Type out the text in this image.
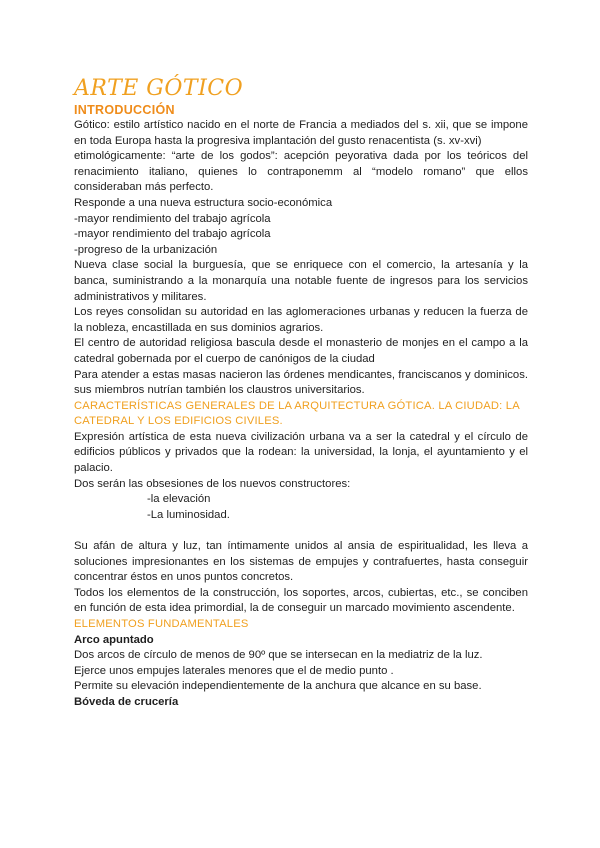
ARTE GÓTICO
INTRODUCCIÓN

Gótico: estilo artístico nacido en el norte de Francia a mediados del s. xii, que se impone en toda Europa hasta la progresiva implantación del gusto renacentista (s. xv-xvi)

etimológicamente: “arte de los godos”: acepción peyorativa dada por los teóricos del renacimiento italiano, quienes lo contraponemm al “modelo romano” que ellos consideraban más perfecto.

Responde a una nueva estructura socio-económica

-mayor rendimiento del trabajo agrícola

-mayor rendimiento del trabajo agrícola

-progreso de la urbanización

Nueva clase social la burguesía, que se enriquece con el comercio, la artesanía y la banca, suministrando a la monarquía una notable fuente de ingresos para los servicios administrativos y militares.

Los reyes consolidan su autoridad en las aglomeraciones urbanas y reducen la fuerza de la nobleza, encastillada en sus dominios agrarios.

El centro de autoridad religiosa bascula desde el monasterio de monjes en el campo a la catedral gobernada por el cuerpo de canónigos de la ciudad

Para atender a estas masas nacieron las órdenes mendicantes, franciscanos y dominicos. sus miembros nutrían también los claustros universitarios.

CARACTERÍSTICAS GENERALES DE LA ARQUITECTURA GÓTICA. LA CIUDAD: LA CATEDRAL Y LOS EDIFICIOS CIVILES.

Expresión artística de esta nueva civilización urbana va a ser la catedral y el círculo de edificios públicos y privados que la rodean: la universidad, la lonja, el ayuntamiento y el palacio.

Dos serán las obsesiones de los nuevos constructores:

-la elevación

-La luminosidad.

Su afán de altura y luz, tan íntimamente unidos al ansia de espiritualidad, les lleva a soluciones impresionantes en los sistemas de empujes y contrafuertes, hasta conseguir concentrar éstos en unos puntos concretos.

Todos los elementos de la construcción, los soportes, arcos, cubiertas, etc., se conciben en función de esta idea primordial, la de conseguir un marcado movimiento ascendente.

ELEMENTOS FUNDAMENTALES
Arco apuntado

Dos arcos de círculo de menos de 90º que se intersecan en la mediatriz de la luz.

Ejerce unos empujes laterales menores que el de medio punto .

Permite su elevación independientemente de la anchura que alcance en su base.

Bóveda de crucería
